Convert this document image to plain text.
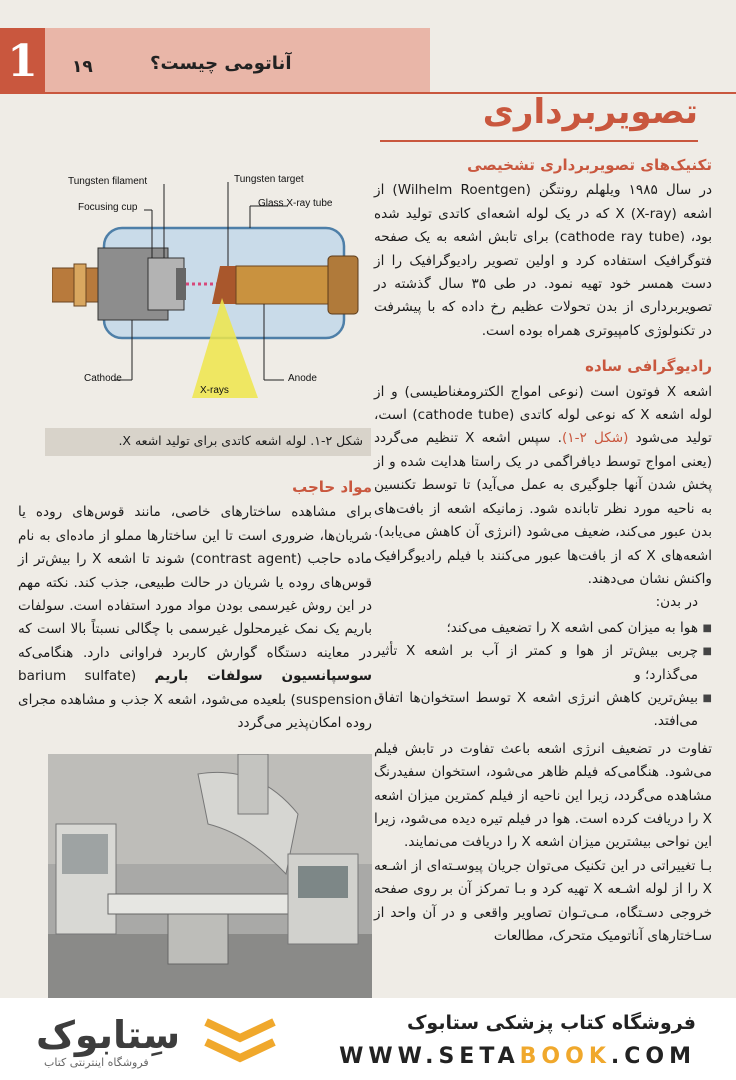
1	۱۹	آناتومی چیست؟
تصویربرداری
تکنیک‌های تصویربرداری تشخیصی

در سال ۱۹۸۵ ویلهلم رونتگن (Wilhelm Roentgen) از اشعه X (X-ray) که در یک لوله اشعه‌ای کاتدی تولید شده بود، (cathode ray tube) برای تابش اشعه به یک صفحه فتوگرافیک استفاده کرد و اولین تصویر رادیوگرافیک را از دست همسر خود تهیه نمود. در طی ۳۵ سال گذشته در تصویربرداری از بدن تحولات عظیم رخ داده که با پیشرفت در تکنولوژی کامپیوتری همراه بوده است.

رادیوگرافی ساده

اشعه X فوتون است (نوعی امواج الکترومغناطیسی) و از لوله اشعه X که نوعی لوله کاتدی (cathode tube) است، تولید می‌شود (شکل ۲-۱). سپس اشعه X تنظیم می‌گردد (یعنی امواج توسط دیافراگمی در یک راستا هدایت شده و از پخش شدن آنها جلوگیری به عمل می‌آید) تا توسط تکنسین به ناحیه مورد نظر تابانده شود. زمانیکه اشعه از بافت‌های بدن عبور می‌کند، ضعیف می‌شود (انرژی آن کاهش می‌یابد). اشعه‌های X که از بافت‌ها عبور می‌کنند با فیلم رادیوگرافیک واکنش نشان می‌دهند.

در بدن:

■ هوا به میزان کمی اشعه X را تضعیف می‌کند؛
■ چربی بیش‌تر از هوا و کمتر از آب بر اشعه X تأثیر می‌گذارد؛ و
■ بیش‌ترین کاهش انرژی اشعه X توسط استخوان‌ها اتفاق می‌افتد.

تفاوت در تضعیف انرژی اشعه باعث تفاوت در تابش فیلم می‌شود. هنگامی‌که فیلم ظاهر می‌شود، استخوان سفیدرنگ مشاهده می‌گردد، زیرا این ناحیه از فیلم کمترین میزان اشعه X را دریافت کرده است. هوا در فیلم تیره دیده می‌شود، زیرا این نواحی بیشترین میزان اشعه X را دریافت می‌نمایند.

بـا تغییراتی در این تکنیک می‌توان جریان پیوسـته‌ای از اشـعه X را از لوله اشـعه X تهیه کرد و بـا تمرکز آن بر روی صفحه خروجی دسـتگاه، مـی‌تـوان تصاویر واقعی و در آن واحد از سـاختارهای آناتومیک متحرک، مطالعات

Tungsten filament
Focusing cup
Tungsten target
Glass X-ray tube
Cathode
X-rays
Anode
شکل ۲-۱. لوله اشعه کاتدی برای تولید اشعه X.
مواد حاجب

برای مشاهده ساختارهای خاصی، مانند قوس‌های روده یا شریان‌ها، ضروری است تا این ساختارها مملو از ماده‌ای به نام ماده حاجب (contrast agent) شوند تا اشعه X را بیش‌تر از قوس‌های روده یا شریان در حالت طبیعی، جذب کند. نکته مهم در این روش غیرسمی بودن مواد مورد استفاده است. سولفات باریم یک نمک غیرمحلول غیرسمی با چگالی نسبتاً بالا است که در معاینه دستگاه گوارش کاربرد فراوانی دارد. هنگامی‌که سوسپانسیون سولفات باریم (barium sulfate suspension) بلعیده می‌شود، اشعه X جذب و مشاهده مجرای روده امکان‌پذیر می‌گردد

سِتابوک
فروشگاه اینترنتی کتاب
فروشگاه کتاب پزشکی ستابوک
WWW.SETABOOK.COM
